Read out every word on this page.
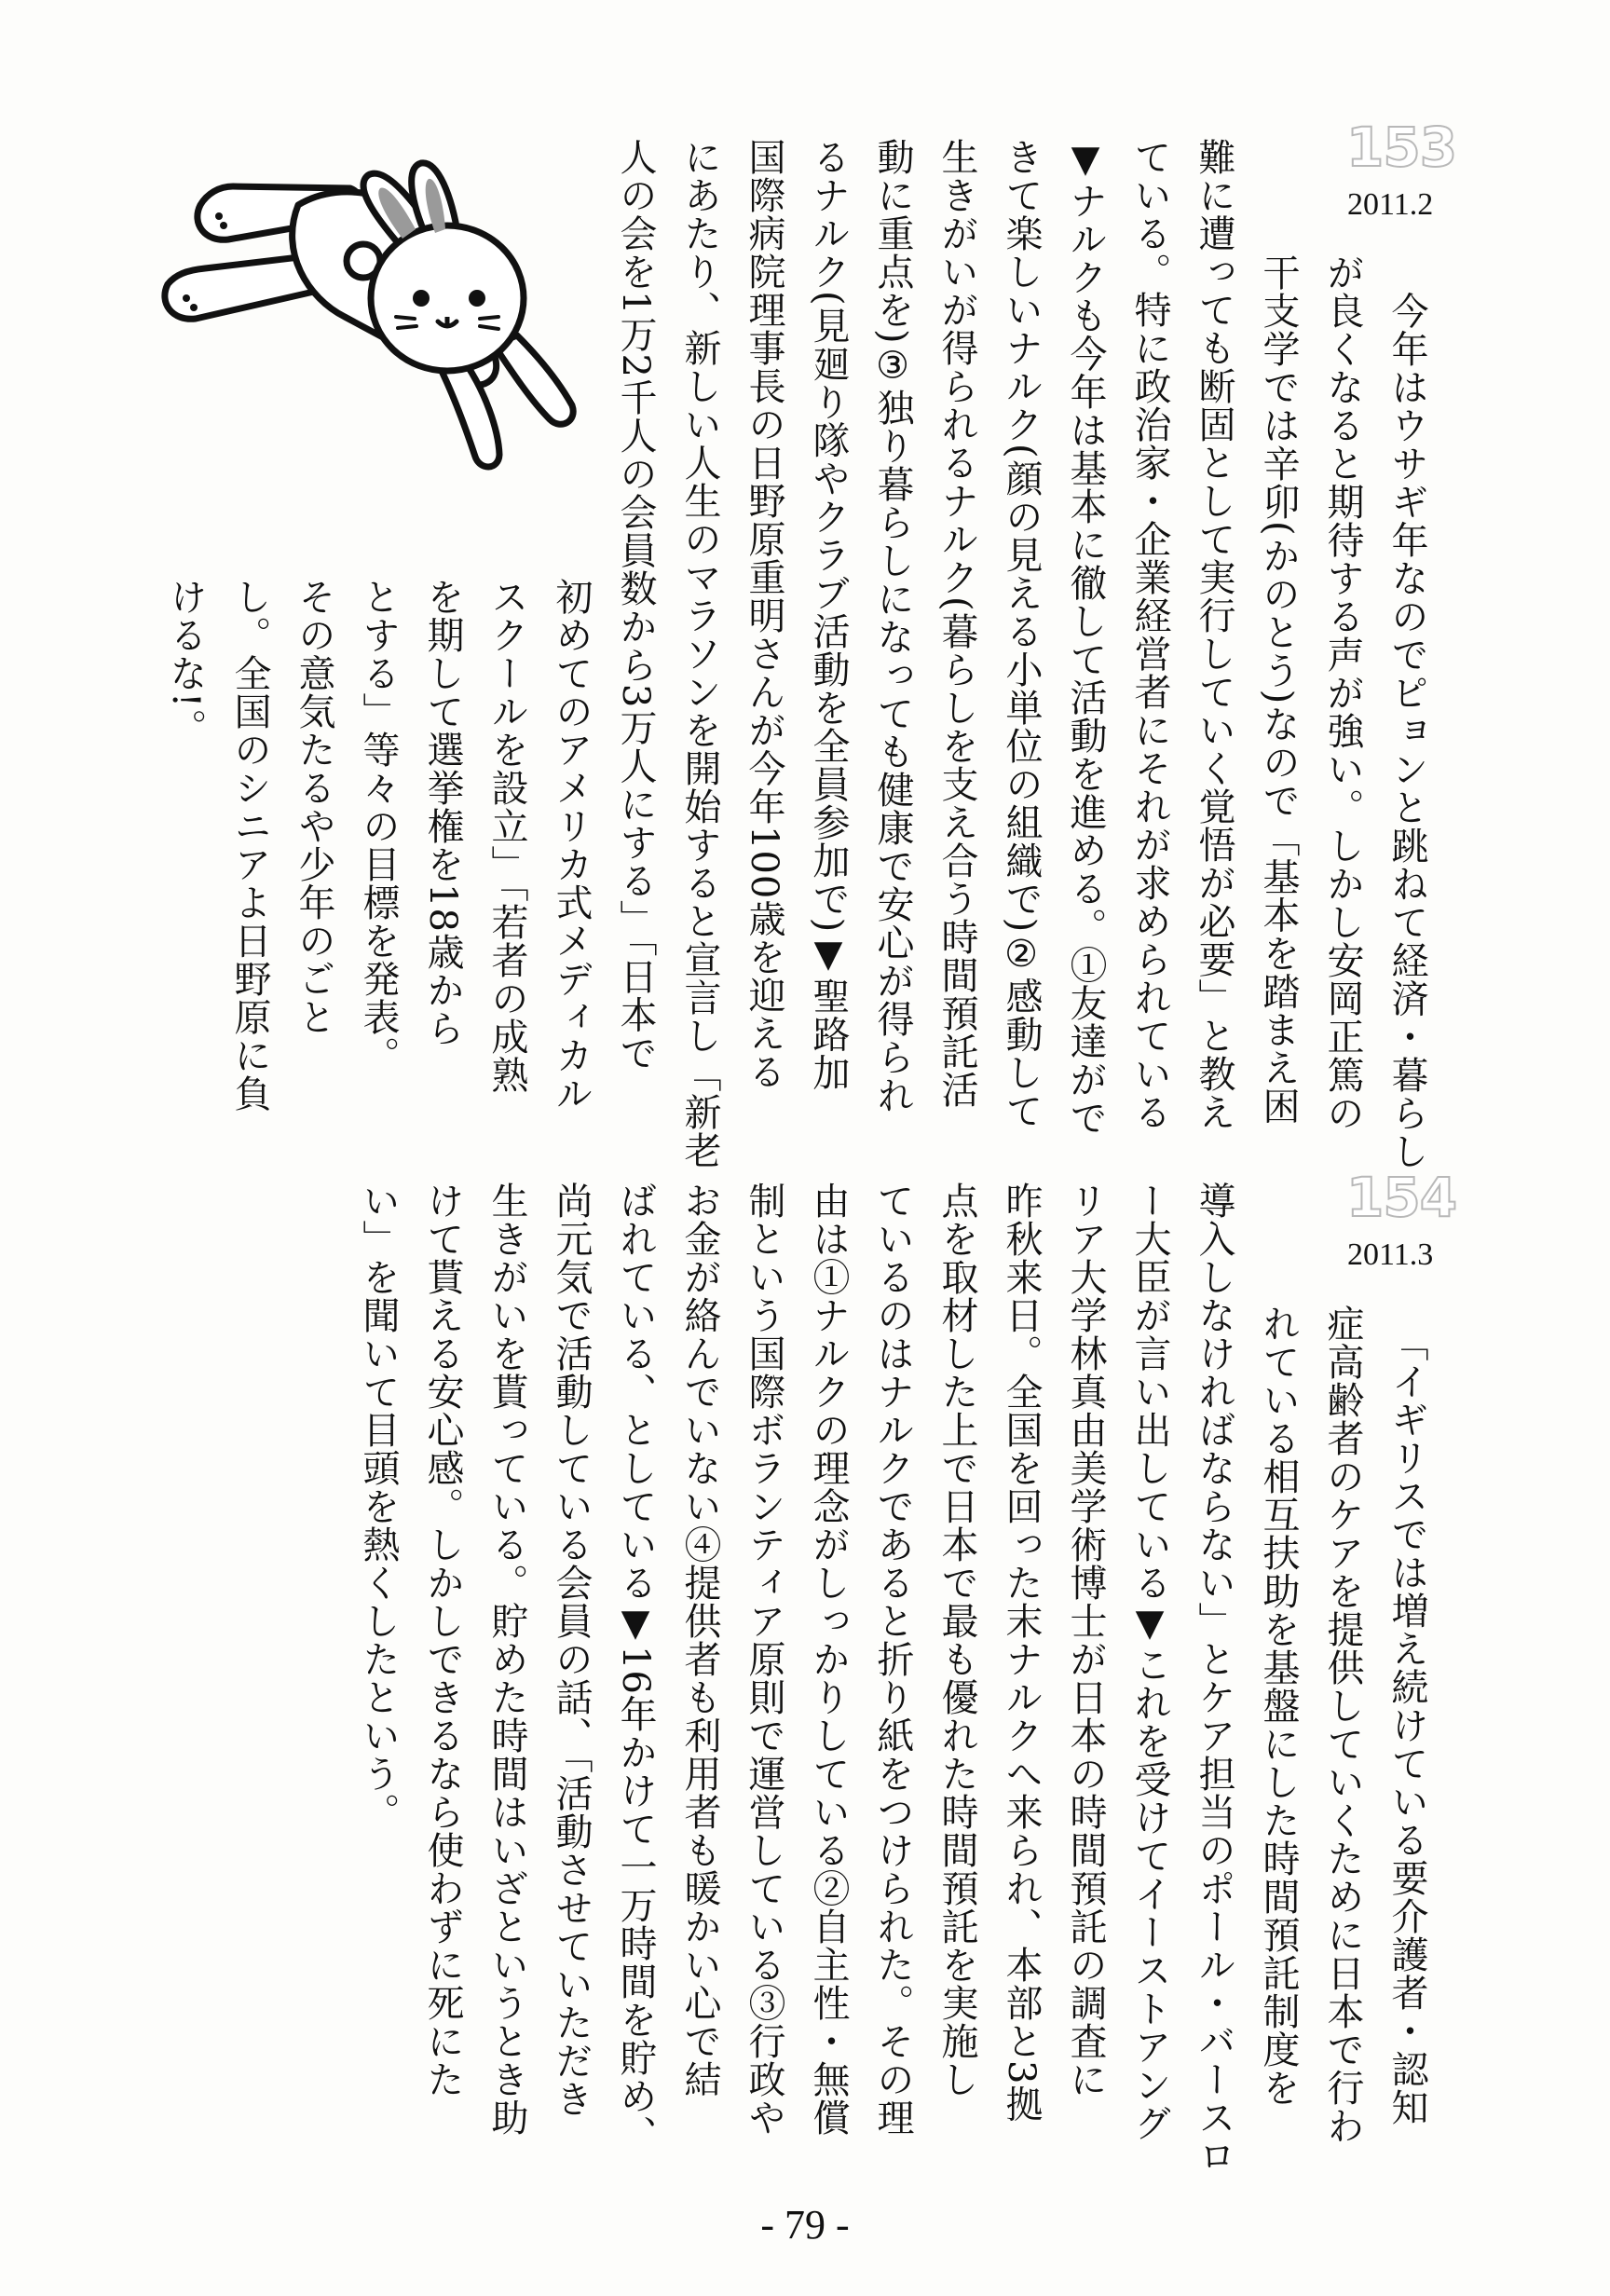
153
2011.2

　今年はウサギ年なのでピョンと跳ねて経済・暮らし

が良くなると期待する声が強い。しかし安岡正篤の

干支学では辛卯(かのとう)なので「基本を踏まえ困

難に遭っても断固として実行していく覚悟が必要」と教え

ている。特に政治家・企業経営者にそれが求められている

▼ナルクも今年は基本に徹して活動を進める。①友達がで

きて楽しいナルク(顔の見える小単位の組織で)②感動して

生きがいが得られるナルク(暮らしを支え合う時間預託活

動に重点を)③独り暮らしになっても健康で安心が得られ

るナルク(見廻り隊やクラブ活動を全員参加で)▼聖路加

国際病院理事長の日野原重明さんが今年100歳を迎える

にあたり、新しい人生のマラソンを開始すると宣言し「新老

人の会を1万2千人の会員数から3万人にする」「日本で

初めてのアメリカ式メディカル

スクールを設立」「若者の成熟

を期して選挙権を18歳から

とする」等々の目標を発表。

その意気たるや少年のごと

し。全国のシニアよ日野原に負

けるな!。

154
2011.3

　「イギリスでは増え続けている要介護者・認知

症高齢者のケアを提供していくために日本で行わ

れている相互扶助を基盤にした時間預託制度を

導入しなければならない」とケア担当のポール・バースロ

ー大臣が言い出している▼これを受けてイーストアング

リア大学林真由美学術博士が日本の時間預託の調査に

昨秋来日。全国を回った末ナルクへ来られ、本部と3拠

点を取材した上で日本で最も優れた時間預託を実施し

ているのはナルクであると折り紙をつけられた。その理

由は①ナルクの理念がしっかりしている②自主性・無償

制という国際ボランティア原則で運営している③行政や

お金が絡んでいない④提供者も利用者も暖かい心で結

ばれている、としている▼16年かけて一万時間を貯め、

尚元気で活動している会員の話、「活動させていただき

生きがいを貰っている。貯めた時間はいざというとき助

けて貰える安心感。しかしできるなら使わずに死にた

い」を聞いて目頭を熱くしたという。

- 79 -
